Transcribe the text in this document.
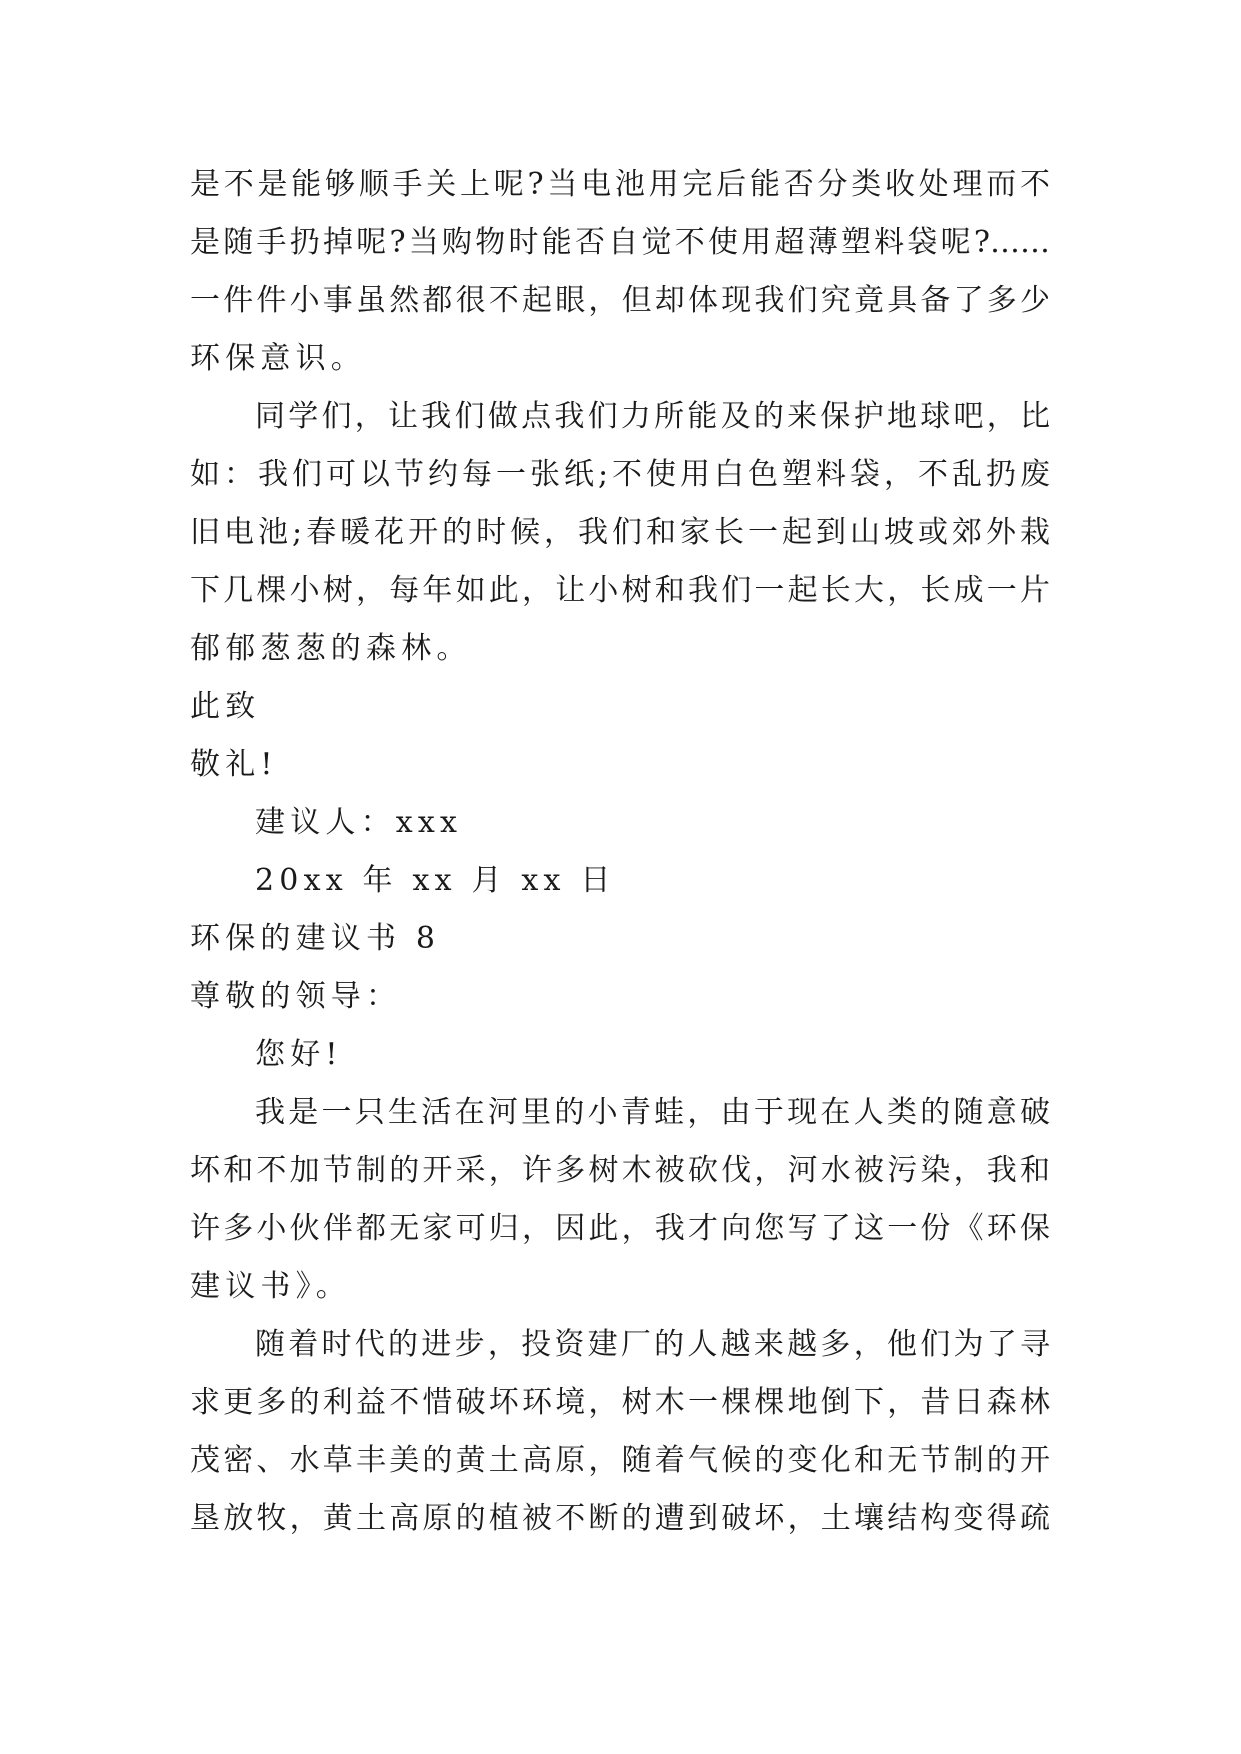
是不是能够顺手关上呢?当电池用完后能否分类收处理而不
是随手扔掉呢?当购物时能否自觉不使用超薄塑料袋呢?……
一件件小事虽然都很不起眼，但却体现我们究竟具备了多少
环保意识。
同学们，让我们做点我们力所能及的来保护地球吧，比
如：我们可以节约每一张纸;不使用白色塑料袋，不乱扔废
旧电池;春暖花开的时候，我们和家长一起到山坡或郊外栽
下几棵小树，每年如此，让小树和我们一起长大，长成一片
郁郁葱葱的森林。
此致
敬礼!
建议人：xxx
20xx 年 xx 月 xx 日
环保的建议书 8
尊敬的领导：
您好!
我是一只生活在河里的小青蛙，由于现在人类的随意破
坏和不加节制的开采，许多树木被砍伐，河水被污染，我和
许多小伙伴都无家可归，因此，我才向您写了这一份《环保
建议书》。
随着时代的进步，投资建厂的人越来越多，他们为了寻
求更多的利益不惜破坏环境，树木一棵棵地倒下，昔日森林
茂密、水草丰美的黄土高原，随着气候的变化和无节制的开
垦放牧，黄土高原的植被不断的遭到破坏，土壤结构变得疏
